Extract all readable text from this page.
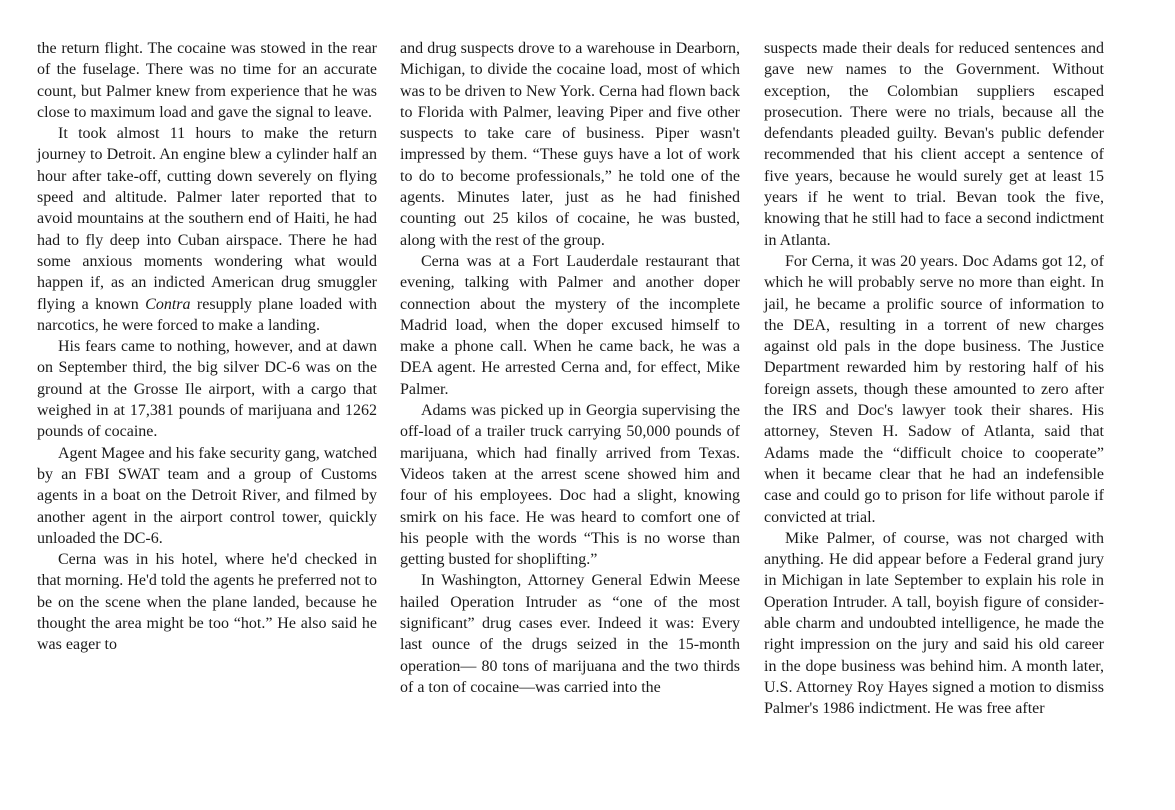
the return flight. The cocaine was stowed in the rear of the fuselage. There was no time for an accurate count, but Palmer knew from experience that he was close to maximum load and gave the signal to leave.

It took almost 11 hours to make the return journey to Detroit. An engine blew a cylinder half an hour after take-off, cutting down severely on flying speed and altitude. Palmer later reported that to avoid mountains at the southern end of Haiti, he had had to fly deep into Cuban airspace. There he had some anxious moments wondering what would happen if, as an indicted American drug smuggler flying a known Contra resupply plane loaded with narcotics, he were forced to make a landing.

His fears came to nothing, however, and at dawn on September third, the big silver DC-6 was on the ground at the Grosse Ile airport, with a cargo that weighed in at 17,381 pounds of marijuana and 1262 pounds of cocaine.

Agent Magee and his fake security gang, watched by an FBI SWAT team and a group of Customs agents in a boat on the Detroit River, and filmed by another agent in the airport control tower, quickly unloaded the DC-6.

Cerna was in his hotel, where he'd checked in that morning. He'd told the agents he preferred not to be on the scene when the plane landed, because he thought the area might be too “hot.” He also said he was eager to

and drug suspects drove to a warehouse in Dearborn, Michigan, to divide the cocaine load, most of which was to be driven to New York. Cerna had flown back to Florida with Palmer, leaving Piper and five other suspects to take care of business. Piper wasn't impressed by them. “These guys have a lot of work to do to become professionals,” he told one of the agents. Minutes later, just as he had finished counting out 25 kilos of cocaine, he was busted, along with the rest of the group.

Cerna was at a Fort Lauderdale restaurant that evening, talking with Palmer and another doper connection about the mystery of the incomplete Madrid load, when the doper excused himself to make a phone call. When he came back, he was a DEA agent. He arrested Cerna and, for effect, Mike Palmer.

Adams was picked up in Georgia supervising the off-load of a trailer truck carrying 50,000 pounds of marijuana, which had finally arrived from Texas. Videos taken at the arrest scene showed him and four of his employees. Doc had a slight, knowing smirk on his face. He was heard to comfort one of his people with the words “This is no worse than getting busted for shoplifting.”

In Washington, Attorney General Edwin Meese hailed Operation Intruder as “one of the most significant” drug cases ever. Indeed it was: Every last ounce of the drugs seized in the 15-month operation— 80 tons of marijuana and the two thirds of a ton of cocaine—was carried into the

suspects made their deals for reduced sentences and gave new names to the Government. Without exception, the Colombian suppliers escaped prosecution. There were no trials, because all the defendants pleaded guilty. Bevan's public defender recommended that his client accept a sentence of five years, because he would surely get at least 15 years if he went to trial. Bevan took the five, knowing that he still had to face a second indictment in Atlanta.

For Cerna, it was 20 years. Doc Adams got 12, of which he will probably serve no more than eight. In jail, he became a prolific source of information to the DEA, resulting in a torrent of new charges against old pals in the dope business. The Justice Department rewarded him by restoring half of his foreign assets, though these amounted to zero after the IRS and Doc's lawyer took their shares. His attorney, Steven H. Sadow of Atlanta, said that Adams made the “difficult choice to cooperate” when it became clear that he had an indefensible case and could go to prison for life without parole if convicted at trial.

Mike Palmer, of course, was not charged with anything. He did appear before a Federal grand jury in Michigan in late September to explain his role in Operation Intruder. A tall, boyish figure of considerable charm and undoubted intelligence, he made the right impression on the jury and said his old career in the dope business was behind him. A month later, U.S. Attorney Roy Hayes signed a motion to dismiss Palmer's 1986 indictment. He was free after
